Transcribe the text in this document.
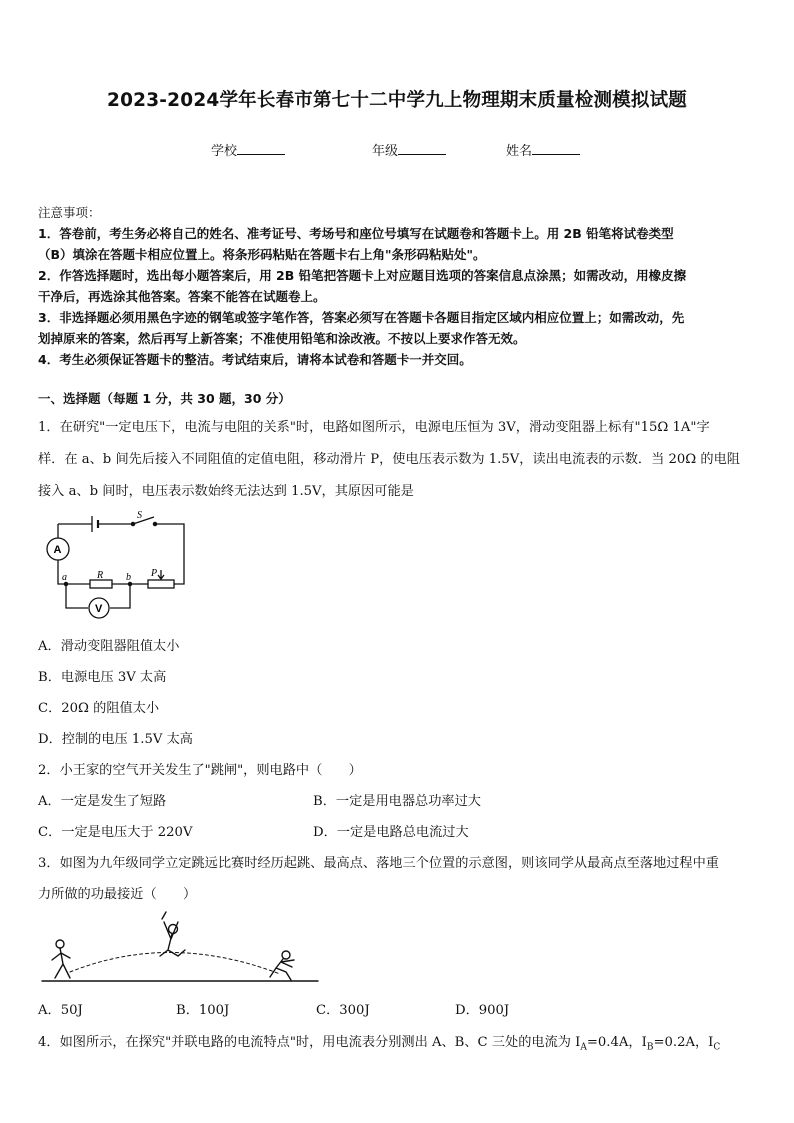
2023-2024学年长春市第七十二中学九上物理期末质量检测模拟试题
学校	年级	姓名
注意事项：
1．答卷前，考生务必将自己的姓名、准考证号、考场号和座位号填写在试题卷和答题卡上。用 2B 铅笔将试卷类型
（B）填涂在答题卡相应位置上。将条形码粘贴在答题卡右上角"条形码粘贴处"。
2．作答选择题时，选出每小题答案后，用 2B 铅笔把答题卡上对应题目选项的答案信息点涂黑；如需改动，用橡皮擦
干净后，再选涂其他答案。答案不能答在试题卷上。
3．非选择题必须用黑色字迹的钢笔或签字笔作答，答案必须写在答题卡各题目指定区域内相应位置上；如需改动，先
划掉原来的答案，然后再写上新答案；不准使用铅笔和涂改液。不按以上要求作答无效。
4．考生必须保证答题卡的整洁。考试结束后，请将本试卷和答题卡一并交回。
一、选择题（每题 1 分，共 30 题，30 分）
1．在研究"一定电压下，电流与电阻的关系"时，电路如图所示，电源电压恒为 3V，滑动变阻器上标有"15Ω 1A"字
样．在 a、b 间先后接入不同阻值的定值电阻，移动滑片 P，使电压表示数为 1.5V，读出电流表的示数．当 20Ω 的电阻
接入 a、b 间时，电压表示数始终无法达到 1.5V，其原因可能是
A
S
a	R b P
V
A．滑动变阻器阻值太小
B．电源电压 3V 太高
C．20Ω 的阻值太小
D．控制的电压 1.5V 太高
2．小王家的空气开关发生了"跳闸"，则电路中（　　）
A．一定是发生了短路	B．一定是用电器总功率过大
C．一定是电压大于 220V	D．一定是电路总电流过大
3．如图为九年级同学立定跳远比赛时经历起跳、最高点、落地三个位置的示意图，则该同学从最高点至落地过程中重
力所做的功最接近（　　）
A．50J	B．100J	C．300J	D．900J
4．如图所示，在探究"并联电路的电流特点"时，用电流表分别测出 A、B、C 三处的电流为 $I_A=0.4A$，$I_B=0.2A$，$I_C$
